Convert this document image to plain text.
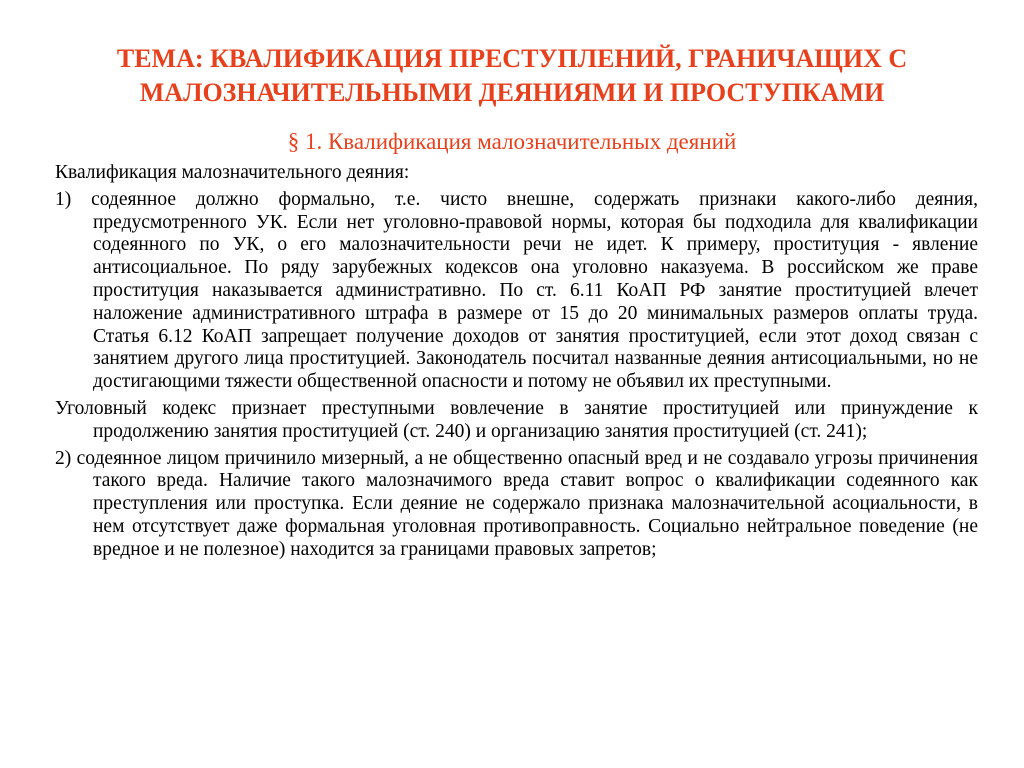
ТЕМА: КВАЛИФИКАЦИЯ ПРЕСТУПЛЕНИЙ, ГРАНИЧАЩИХ С МАЛОЗНАЧИТЕЛЬНЫМИ ДЕЯНИЯМИ И ПРОСТУПКАМИ
§ 1. Квалификация малозначительных деяний

Квалификация малозначительного деяния:

1) содеянное должно формально, т.е. чисто внешне, содержать признаки какого-либо деяния, предусмотренного УК. Если нет уголовно-правовой нормы, которая бы подходила для квалификации содеянного по УК, о его малозначительности речи не идет. К примеру, проституция - явление антисоциальное. По ряду зарубежных кодексов она уголовно наказуема. В российском же праве проституция наказывается административно. По ст. 6.11 КоАП РФ занятие проституцией влечет наложение административного штрафа в размере от 15 до 20 минимальных размеров оплаты труда. Статья 6.12 КоАП запрещает получение доходов от занятия проституцией, если этот доход связан с занятием другого лица проституцией. Законодатель посчитал названные деяния антисоциальными, но не достигающими тяжести общественной опасности и потому не объявил их преступными.

Уголовный кодекс признает преступными вовлечение в занятие проституцией или принуждение к продолжению занятия проституцией (ст. 240) и организацию занятия проституцией (ст. 241);

2) содеянное лицом причинило мизерный, а не общественно опасный вред и не создавало угрозы причинения такого вреда. Наличие такого малозначимого вреда ставит вопрос о квалификации содеянного как преступления или проступка. Если деяние не содержало признака малозначительной асоциальности, в нем отсутствует даже формальная уголовная противоправность. Социально нейтральное поведение (не вредное и не полезное) находится за границами правовых запретов;
